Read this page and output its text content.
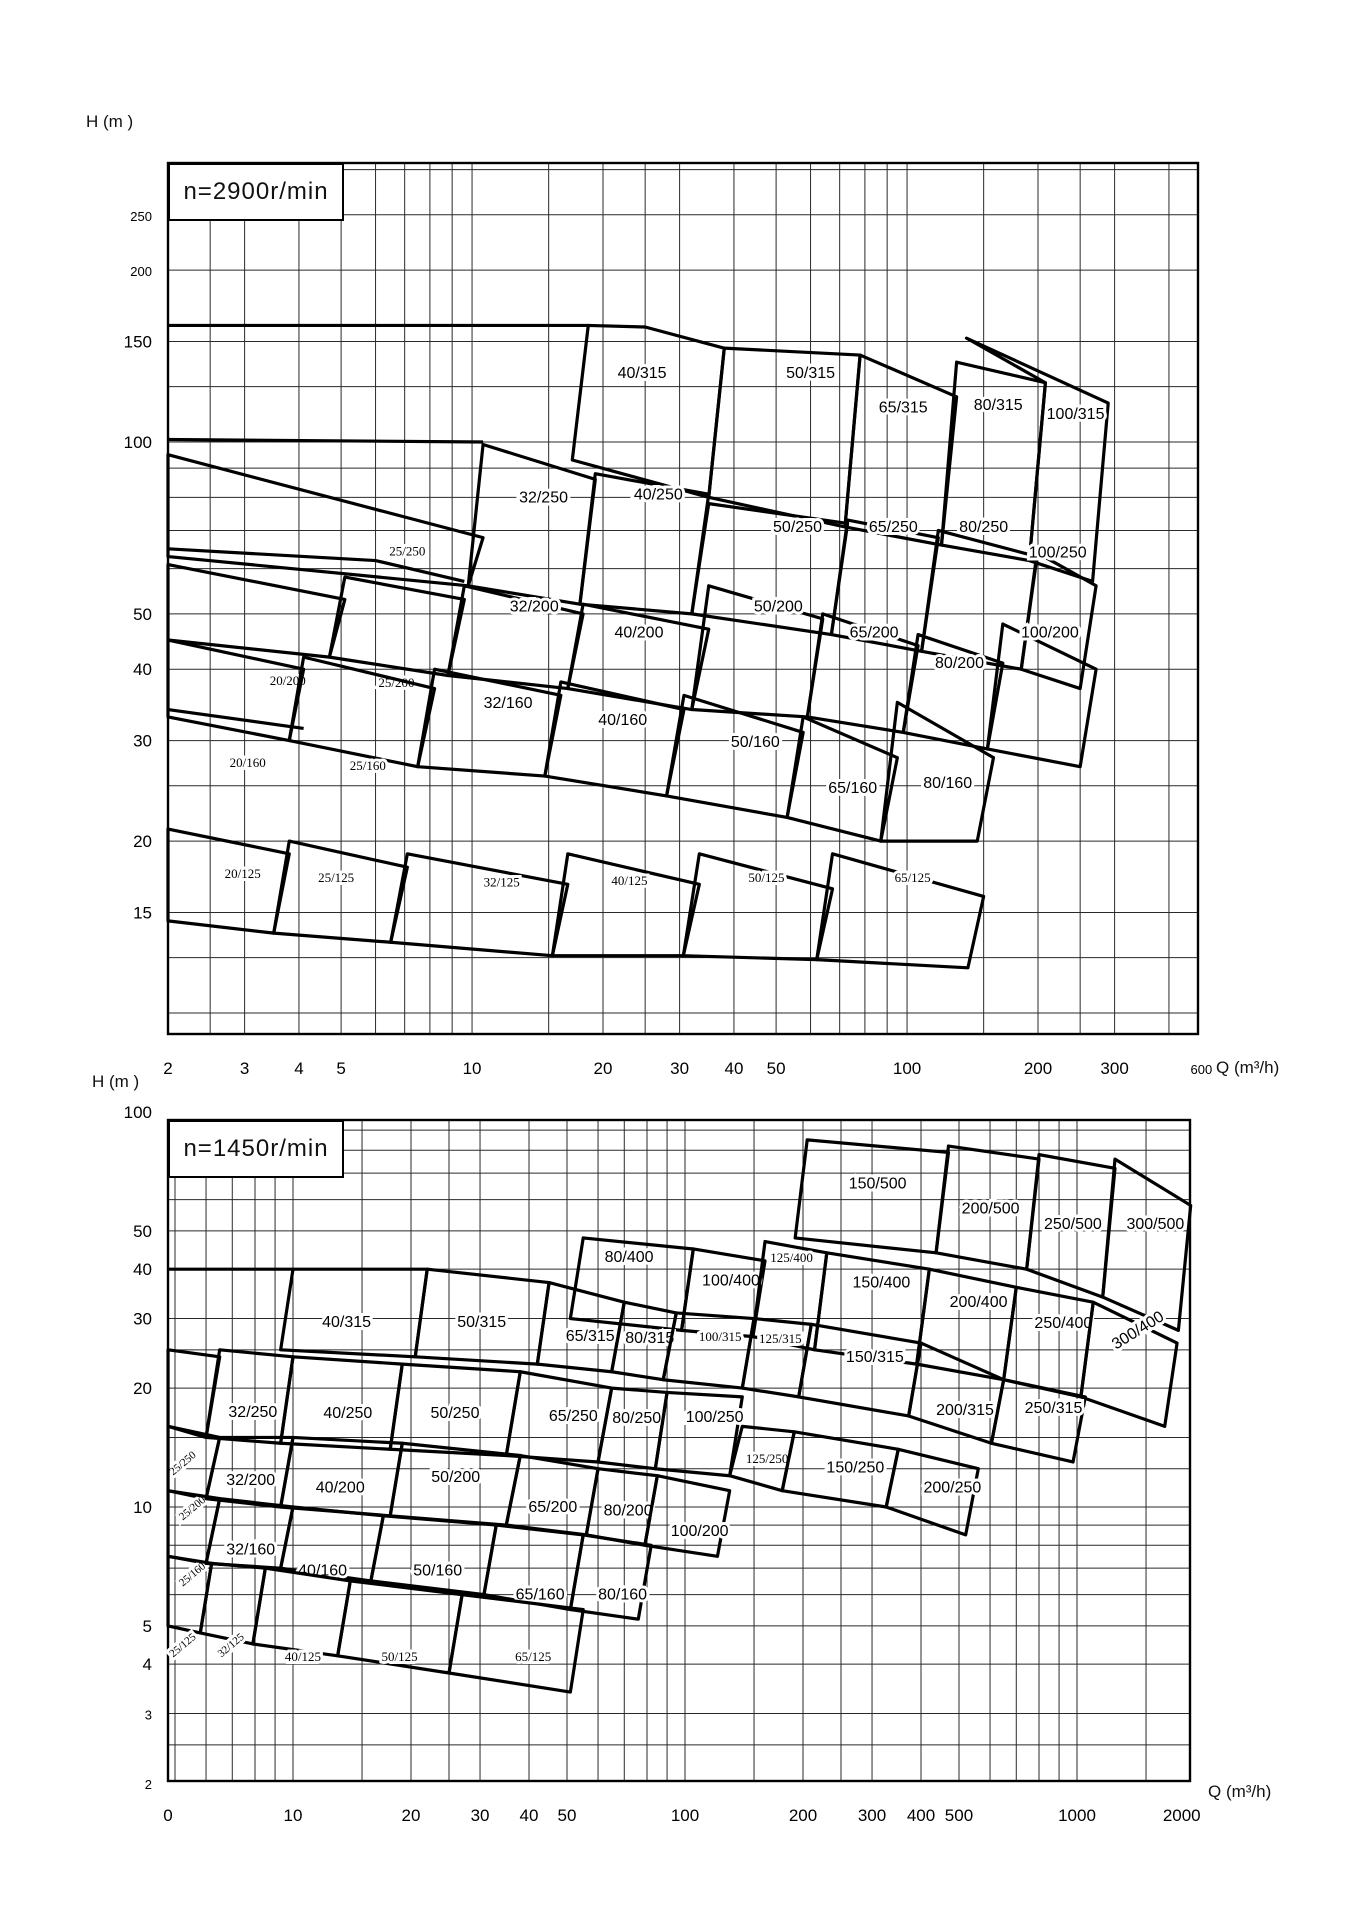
2	3	4 5	10	20	30 40 50	100	200	300	600
250
200
150
100
50
40
30
20
15
40/315	50/315
65/315	80/315
100/315
25/250
32/250	40/250
50/250	65/250	80/250
100/250
20/200	25/200
32/200
40/200
50/200
65/200
80/200
100/200
20/160	25/160
32/160
40/160
50/160
65/160	80/160
20/125	25/125	32/125	40/125	50/125	65/125
0	10	20	30 40 50	100	200 300 400 500	1000	2000
100
50
40
30
20
10
5
4
3
2
150/500
200/500
250/500 300/500
80/400
100/400
125/400
150/400
200/400
250/400 300/400
40/315	50/315
65/315 80/315 100/315 125/315
150/315
200/315 250/315
25/250
32/250	40/250	50/250	65/250 80/250 100/250
125/250
150/250
200/250
25/200
32/200	40/200
50/200
65/200 80/200
100/200
25/160
32/160
40/160	50/160
65/160 80/160
25/125 32/125	40/125	50/125	65/125
H (m )
Q (m³/h)
n=2900r/min
H (m )
Q (m³/h)
n=1450r/min
